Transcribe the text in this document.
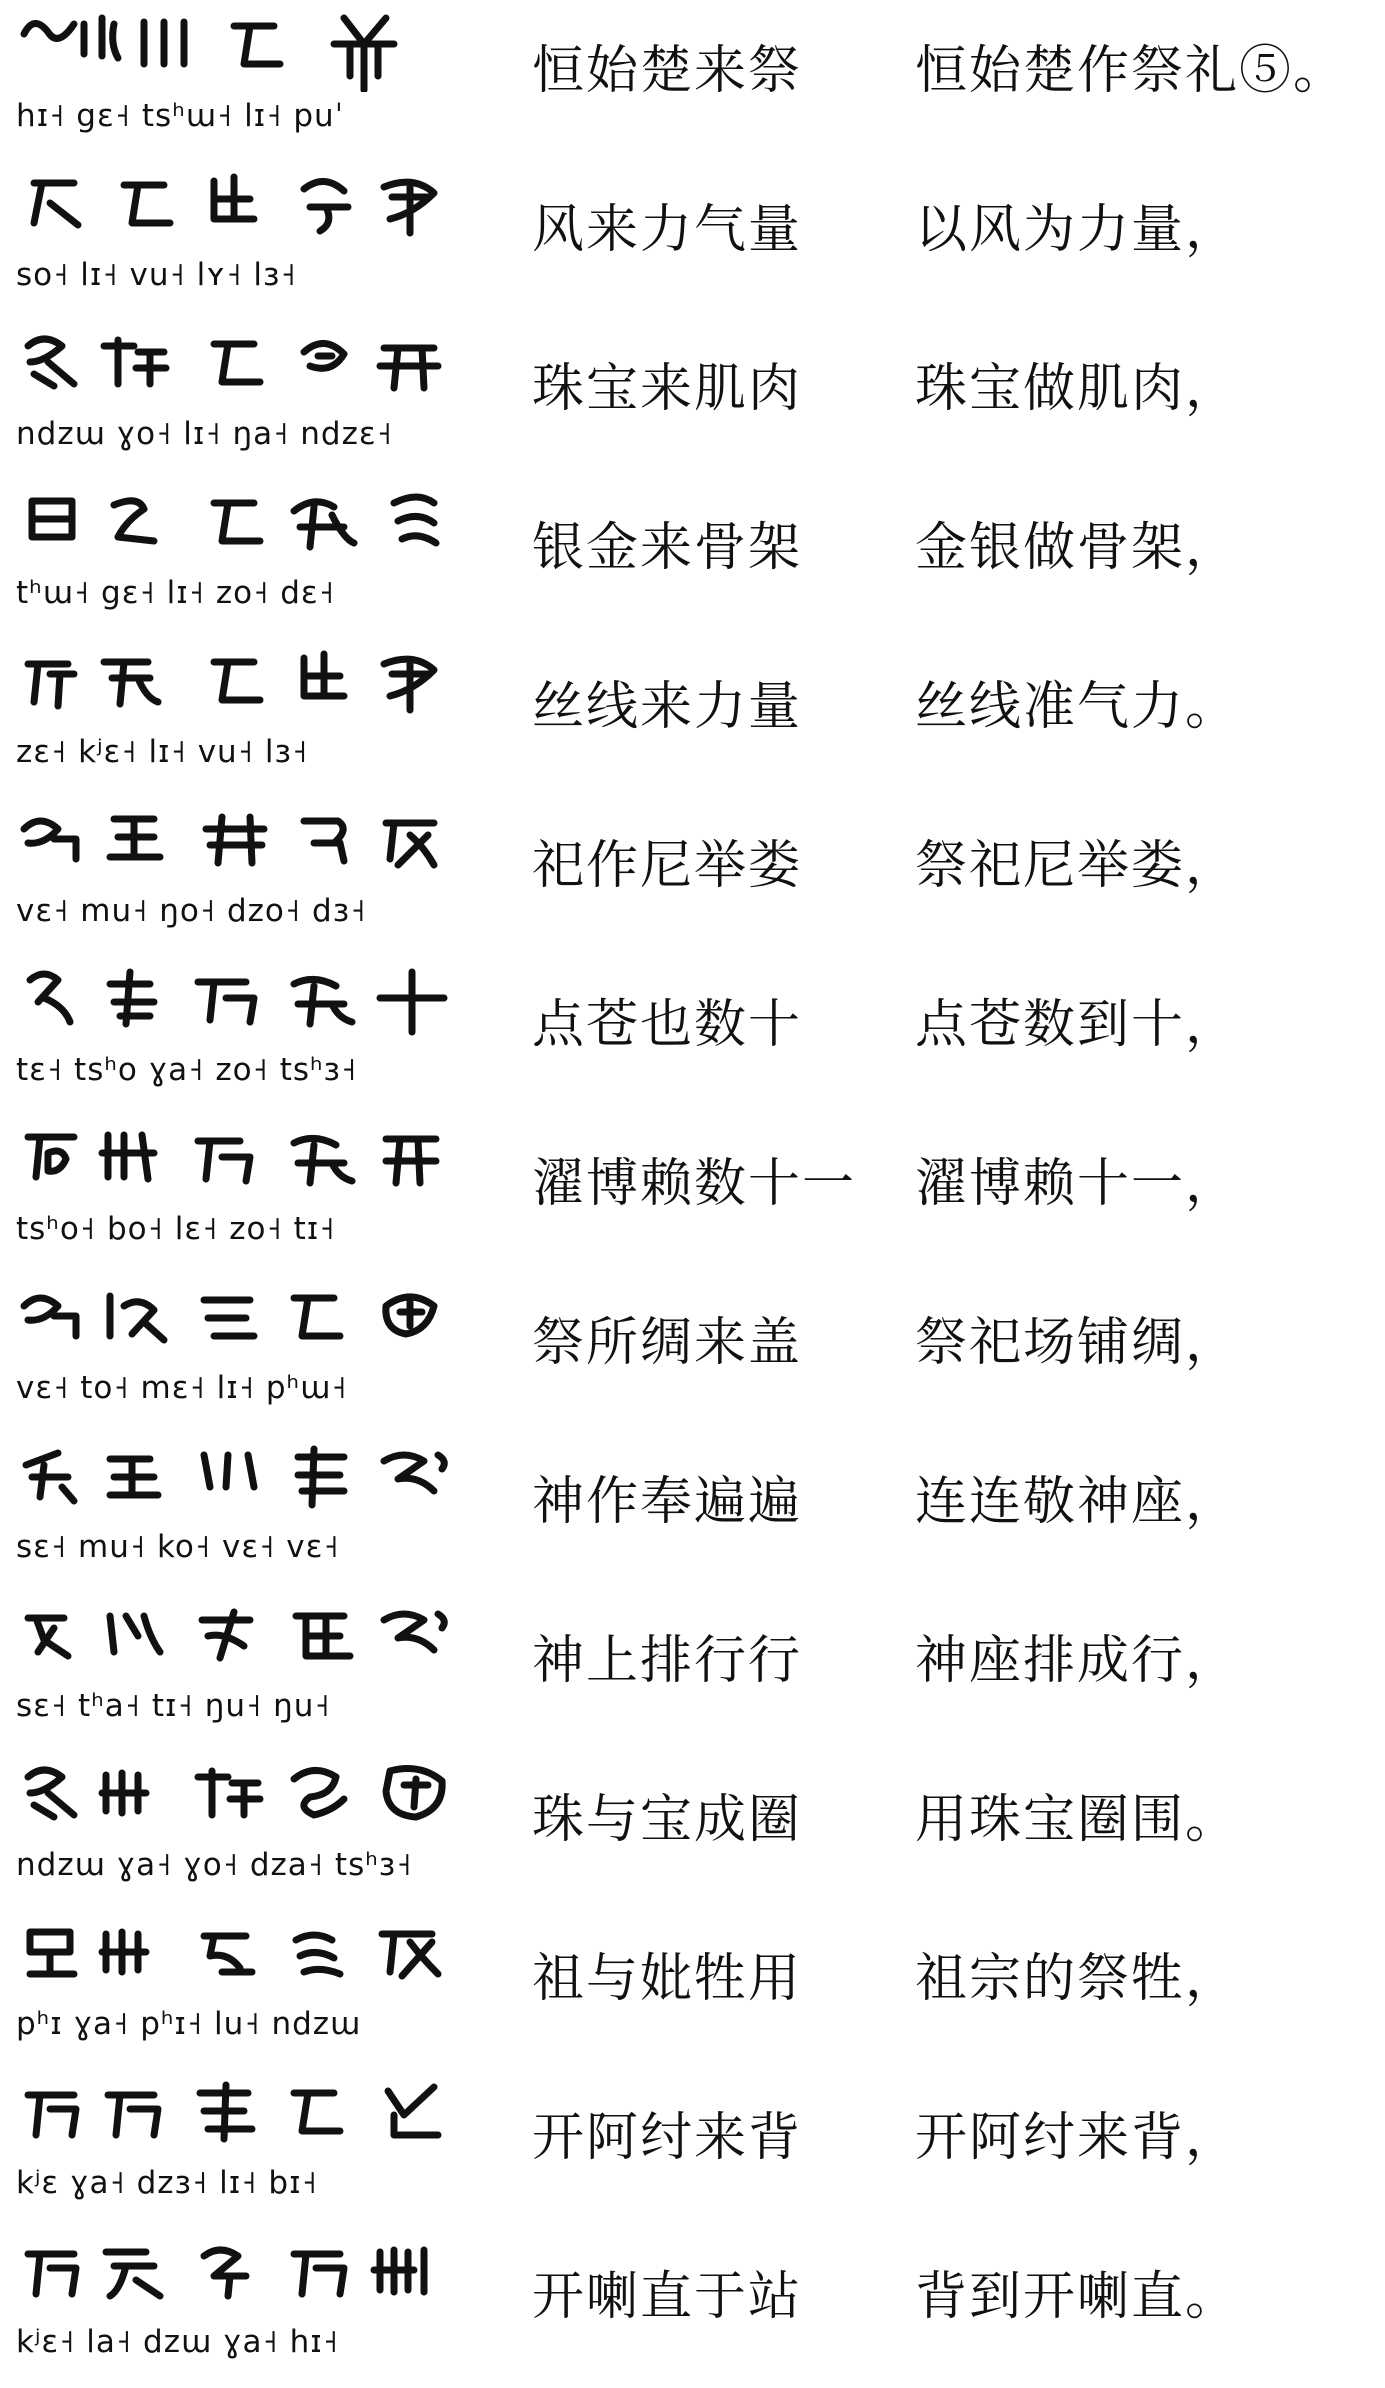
hɪ˧ gɛ˧ tsʰɯ˧ lɪ˧ puˈ
恒始楚来祭 恒始楚作祭礼⑤。
so˧ lɪ˧ vu˧ lʏ˧ lɜ˧
风来力气量 以风为力量，
ndzɯ ɣo˧ lɪ˧ ŋa˧ ndzɛ˧
珠宝来肌肉 珠宝做肌肉，
tʰɯ˧ gɛ˧ lɪ˧ zo˧ dɛ˧
银金来骨架 金银做骨架，
zɛ˧ kʲɛ˧ lɪ˧ vu˧ lɜ˧
丝线来力量 丝线准气力。
vɛ˧ mu˧ ŋo˧ dzo˧ dɜ˧
祀作尼举娄 祭祀尼举娄，
tɛ˧ tsʰo ɣa˧ zo˧ tsʰɜ˧
点苍也数十 点苍数到十，
tsʰo˧ bo˧ lɛ˧ zo˧ tɪ˧
濯博赖数十一 濯博赖十一，
vɛ˧ to˧ mɛ˧ lɪ˧ pʰɯ˧
祭所绸来盖 祭祀场铺绸，
sɛ˧ mu˧ ko˧ vɛ˧ vɛ˧
神作奉遍遍 连连敬神座，
sɛ˧ tʰa˧ tɪ˧ ŋu˧ ŋu˧
神上排行行 神座排成行，
ndzɯ ɣa˧ ɣo˧ dza˧ tsʰɜ˧
珠与宝成圈 用珠宝圈围。
pʰɪ ɣa˧ pʰɪ˧ lu˧ ndzɯ
祖与妣牲用 祖宗的祭牲，
kʲɛ ɣa˧ dzɜ˧ lɪ˧ bɪ˧
开阿纣来背 开阿纣来背，
kʲɛ˧ la˧ dzɯ ɣa˧ hɪ˧
开喇直于站 背到开喇直。
